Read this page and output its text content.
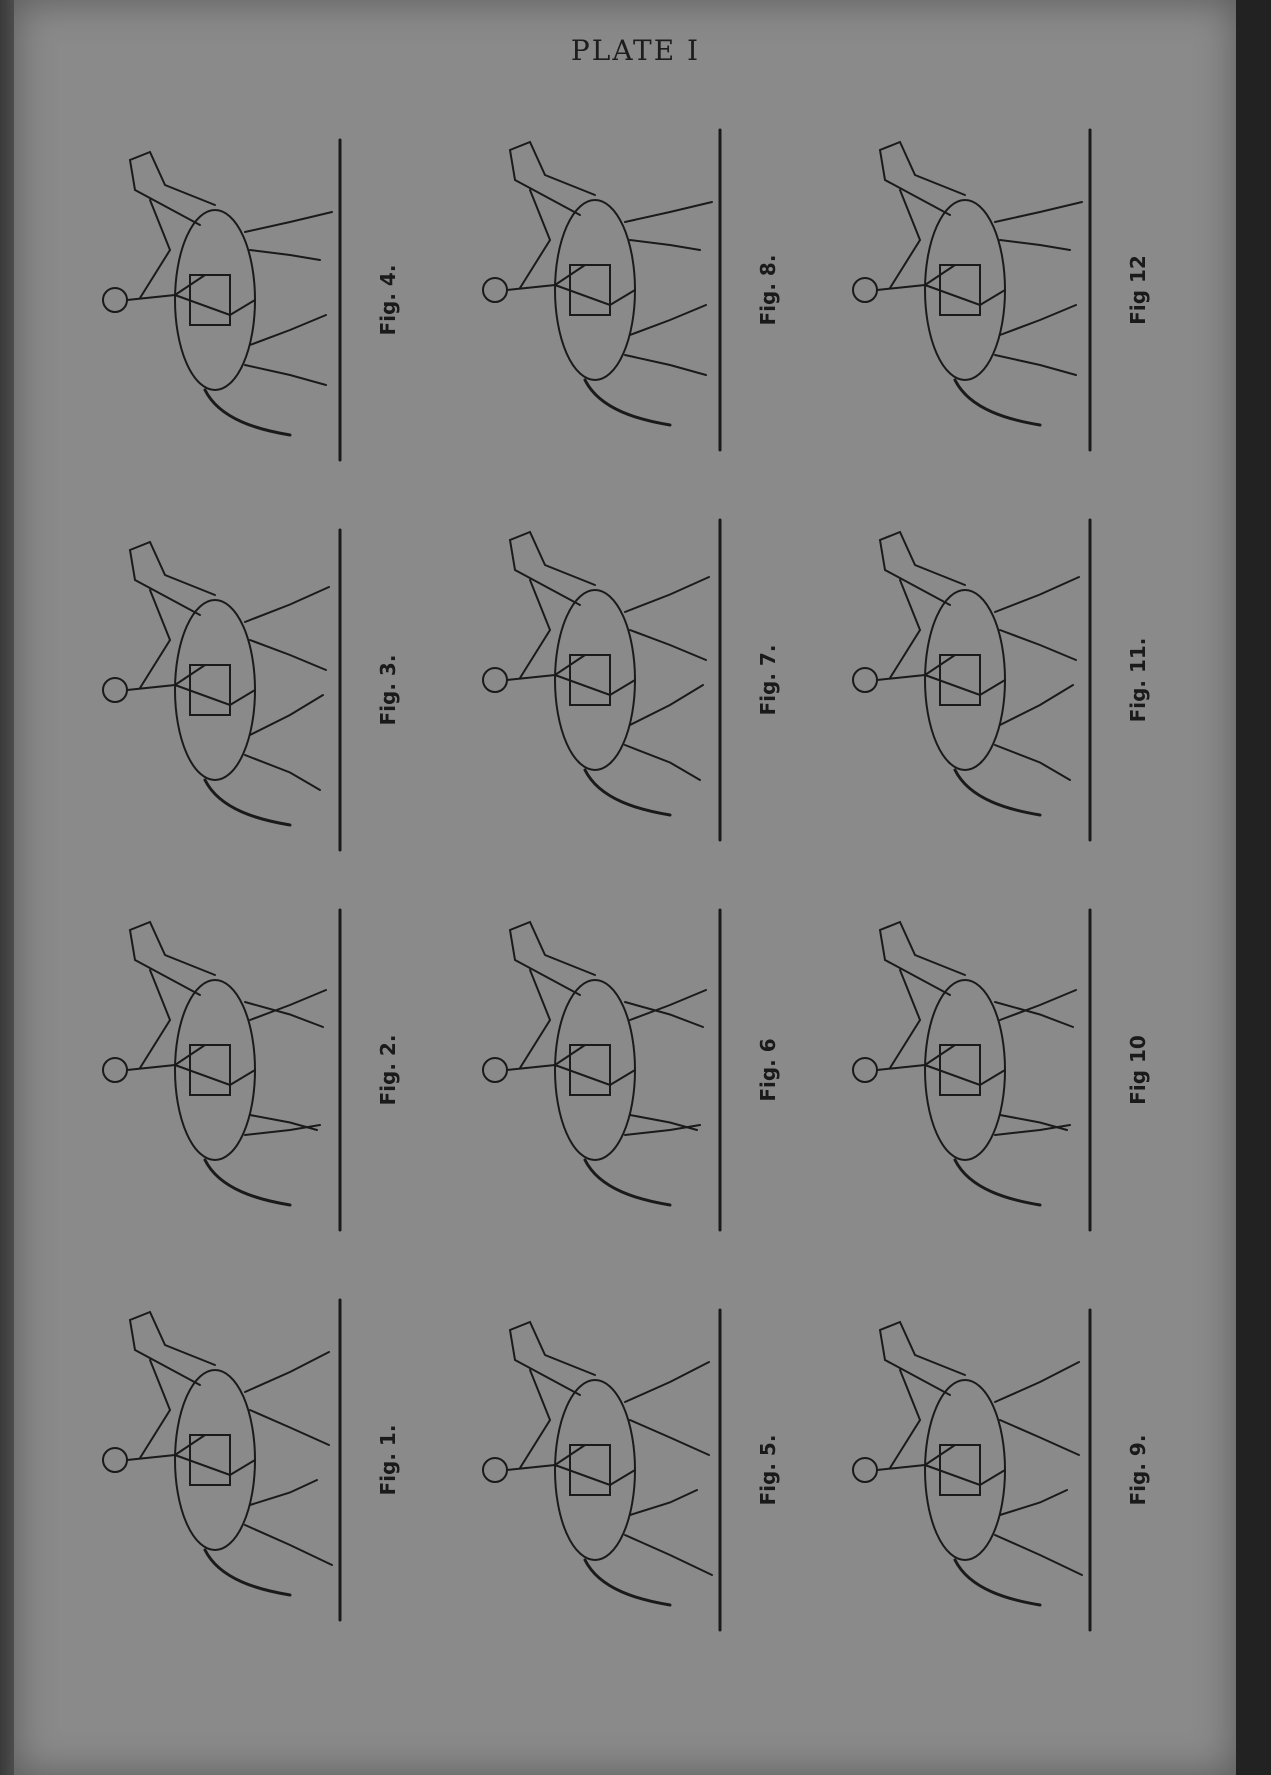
PLATE I
Fig. 4.
Fig. 3.
Fig. 2.
Fig. 1.
Fig. 8.
Fig. 7.
Fig. 6
Fig. 5.
Fig 12
Fig. 11.
Fig 10
Fig. 9.
